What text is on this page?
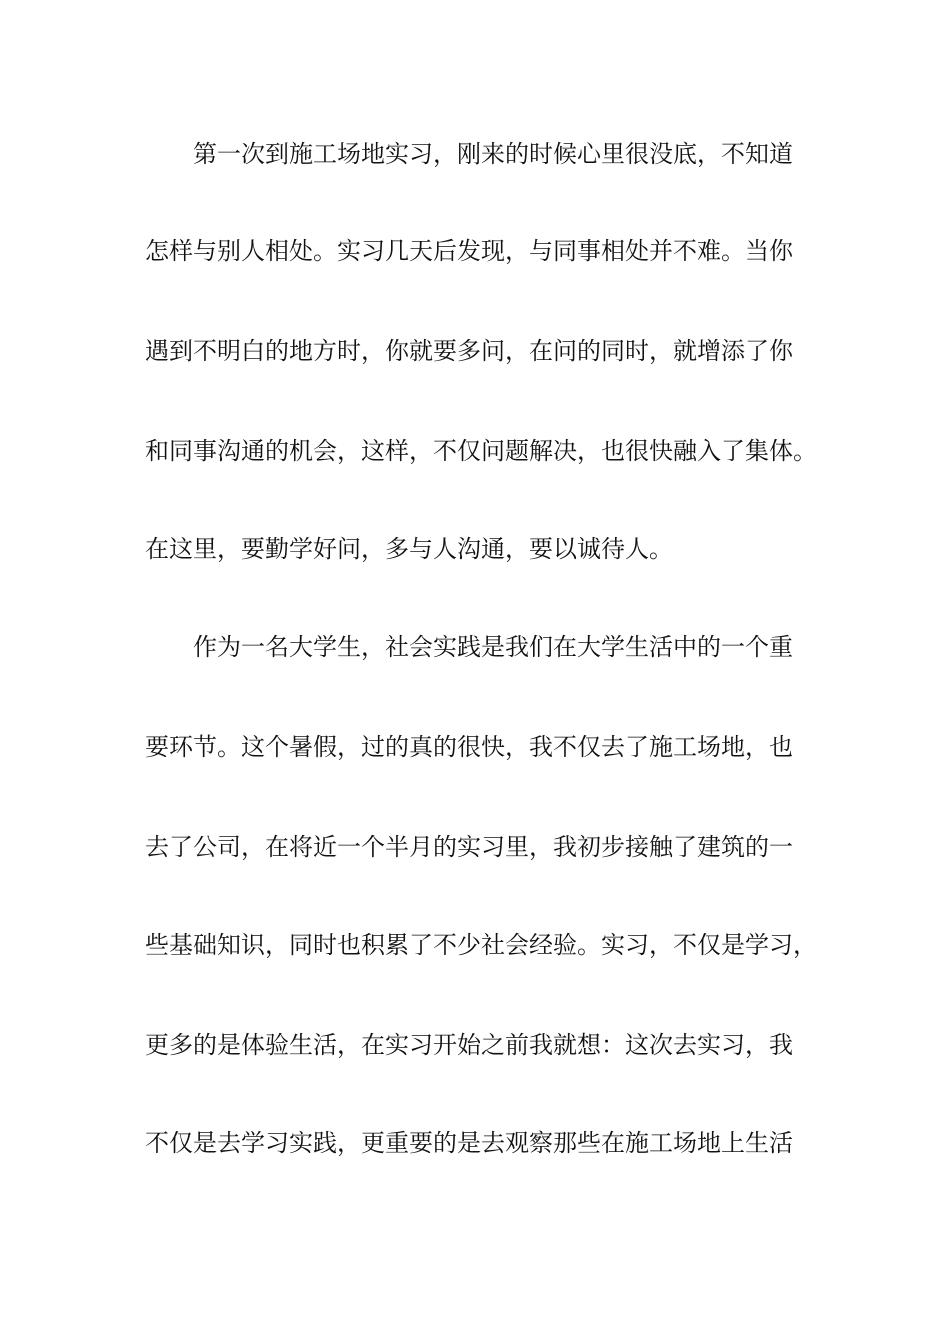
第一次到施工场地实习，刚来的时候心里很没底，不知道
怎样与别人相处。实习几天后发现，与同事相处并不难。当你
遇到不明白的地方时，你就要多问，在问的同时，就增添了你
和同事沟通的机会，这样，不仅问题解决，也很快融入了集体。
在这里，要勤学好问，多与人沟通，要以诚待人。
作为一名大学生，社会实践是我们在大学生活中的一个重
要环节。这个暑假，过的真的很快，我不仅去了施工场地，也
去了公司，在将近一个半月的实习里，我初步接触了建筑的一
些基础知识，同时也积累了不少社会经验。实习，不仅是学习，
更多的是体验生活，在实习开始之前我就想：这次去实习，我
不仅是去学习实践，更重要的是去观察那些在施工场地上生活
